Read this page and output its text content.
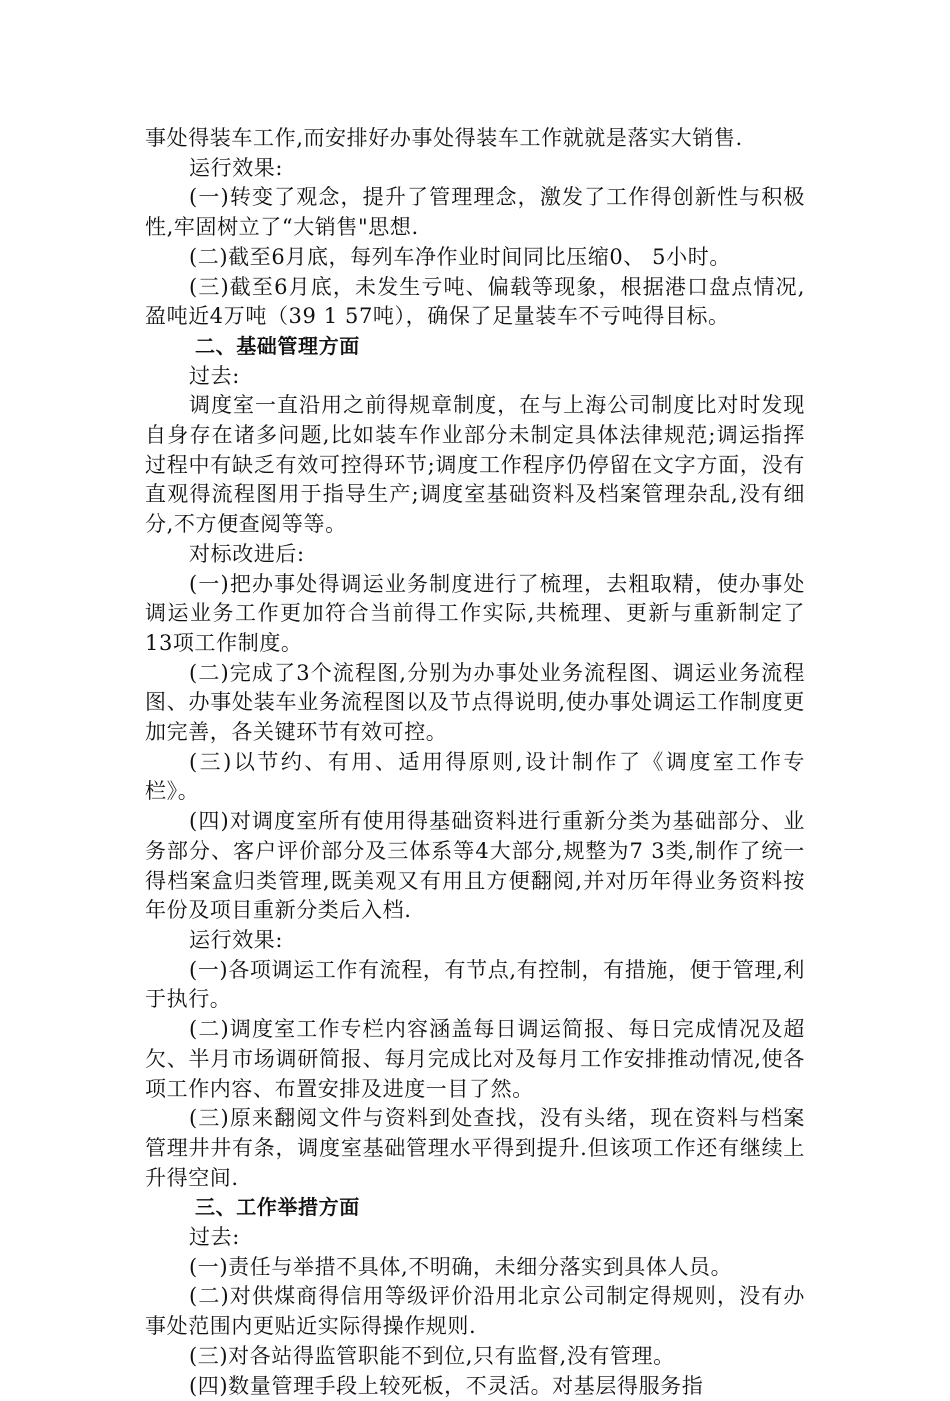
事处得装车工作,而安排好办事处得装车工作就就是落实大销售.

运行效果:

(一)转变了观念，提升了管理理念，激发了工作得创新性与积极性,牢固树立了“大销售"思想.

(二)截至6月底，每列车净作业时间同比压缩0、 5小时。

(三)截至6月底，未发生亏吨、偏载等现象，根据港口盘点情况,盈吨近4万吨（39 1 57吨），确保了足量装车不亏吨得目标。

二、基础管理方面

过去:

调度室一直沿用之前得规章制度，在与上海公司制度比对时发现自身存在诸多问题,比如装车作业部分未制定具体法律规范;调运指挥过程中有缺乏有效可控得环节;调度工作程序仍停留在文字方面，没有直观得流程图用于指导生产;调度室基础资料及档案管理杂乱,没有细分,不方便查阅等等。

对标改进后:

(一)把办事处得调运业务制度进行了梳理，去粗取精，使办事处调运业务工作更加符合当前得工作实际,共梳理、更新与重新制定了13项工作制度。

(二)完成了3个流程图,分别为办事处业务流程图、调运业务流程图、办事处装车业务流程图以及节点得说明,使办事处调运工作制度更加完善，各关键环节有效可控。

(三)以节约、有用、适用得原则,设计制作了《调度室工作专栏》。

(四)对调度室所有使用得基础资料进行重新分类为基础部分、业务部分、客户评价部分及三体系等4大部分,规整为7 3类,制作了统一得档案盒归类管理,既美观又有用且方便翻阅,并对历年得业务资料按年份及项目重新分类后入档.

运行效果:

(一)各项调运工作有流程，有节点,有控制，有措施，便于管理,利于执行。

(二)调度室工作专栏内容涵盖每日调运简报、每日完成情况及超欠、半月市场调研简报、每月完成比对及每月工作安排推动情况,使各项工作内容、布置安排及进度一目了然。

(三)原来翻阅文件与资料到处查找，没有头绪，现在资料与档案管理井井有条，调度室基础管理水平得到提升.但该项工作还有继续上升得空间.

三、工作举措方面

过去:

(一)责任与举措不具体,不明确，未细分落实到具体人员。

(二)对供煤商得信用等级评价沿用北京公司制定得规则，没有办事处范围内更贴近实际得操作规则.

(三)对各站得监管职能不到位,只有监督,没有管理。

(四)数量管理手段上较死板，不灵活。对基层得服务指
